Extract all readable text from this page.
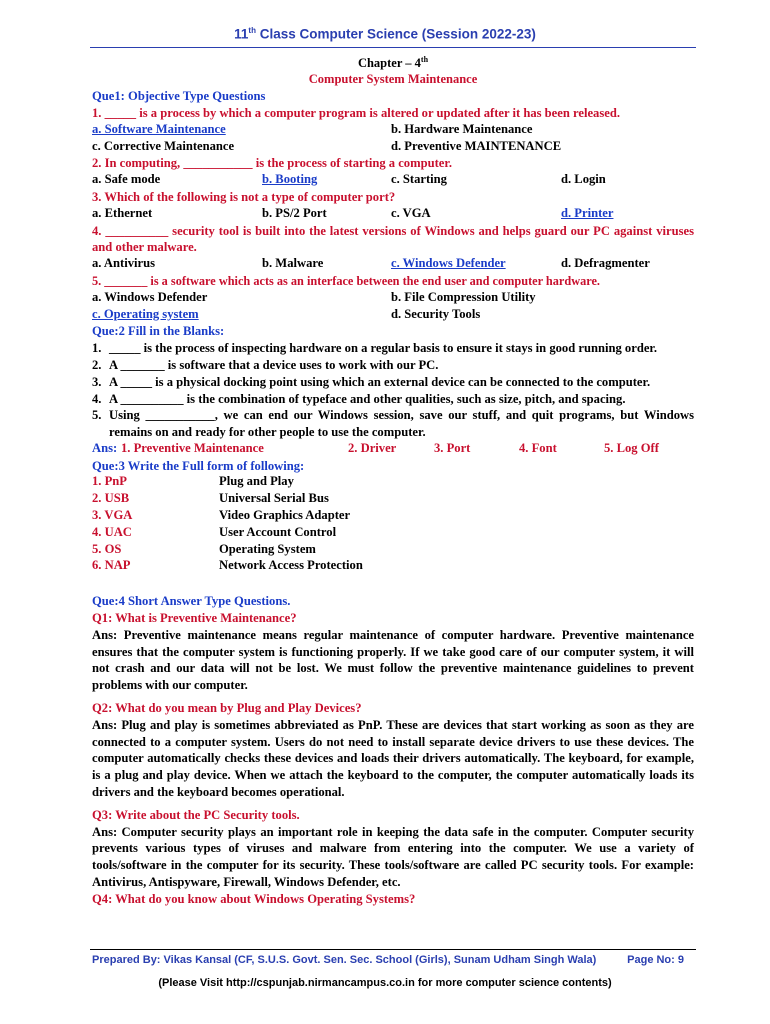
11th Class Computer Science (Session 2022-23)
Chapter – 4th
Computer System Maintenance
Que1: Objective Type Questions
1. _____ is a process by which a computer program is altered or updated after it has been released.
a. Software Maintenance	b. Hardware Maintenance
c. Corrective Maintenance	d. Preventive MAINTENANCE
2. In computing, ___________ is the process of starting a computer.
a. Safe mode	b. Booting	c. Starting	d. Login
3. Which of the following is not a type of computer port?
a. Ethernet	b. PS/2 Port	c. VGA	d. Printer
4. __________ security tool is built into the latest versions of Windows and helps guard our PC against viruses and other malware.
a. Antivirus	b. Malware	c. Windows Defender	d. Defragmenter
5. _______ is a software which acts as an interface between the end user and computer hardware.
a. Windows Defender	b. File Compression Utility
c. Operating system	d. Security Tools
Que:2 Fill in the Blanks:
1. _____ is the process of inspecting hardware on a regular basis to ensure it stays in good running order.
2. A _______ is software that a device uses to work with our PC.
3. A _____ is a physical docking point using which an external device can be connected to the computer.
4. A __________ is the combination of typeface and other qualities, such as size, pitch, and spacing.
5. Using ___________, we can end our Windows session, save our stuff, and quit programs, but Windows remains on and ready for other people to use the computer.
Ans: 1. Preventive Maintenance	2. Driver	3. Port	4. Font	5. Log Off
Que:3 Write the Full form of following:
1. PnP	Plug and Play
2. USB	Universal Serial Bus
3. VGA	Video Graphics Adapter
4. UAC	User Account Control
5. OS	Operating System
6. NAP	Network Access Protection
Que:4 Short Answer Type Questions.
Q1: What is Preventive Maintenance?
Ans: Preventive maintenance means regular maintenance of computer hardware. Preventive maintenance ensures that the computer system is functioning properly. If we take good care of our computer system, it will not crash and our data will not be lost. We must follow the preventive maintenance guidelines to prevent problems with our computer.
Q2: What do you mean by Plug and Play Devices?
Ans: Plug and play is sometimes abbreviated as PnP. These are devices that start working as soon as they are connected to a computer system. Users do not need to install separate device drivers to use these devices. The computer automatically checks these devices and loads their drivers automatically. The keyboard, for example, is a plug and play device. When we attach the keyboard to the computer, the computer automatically loads its drivers and the keyboard becomes operational.
Q3: Write about the PC Security tools.
Ans: Computer security plays an important role in keeping the data safe in the computer. Computer security prevents various types of viruses and malware from entering into the computer. We use a variety of tools/software in the computer for its security. These tools/software are called PC security tools. For example: Antivirus, Antispyware, Firewall, Windows Defender, etc.
Q4: What do you know about Windows Operating Systems?
Prepared By: Vikas Kansal (CF, S.U.S. Govt. Sen. Sec. School (Girls), Sunam Udham Singh Wala)	Page No: 9
(Please Visit http://cspunjab.nirmancampus.co.in for more computer science contents)
